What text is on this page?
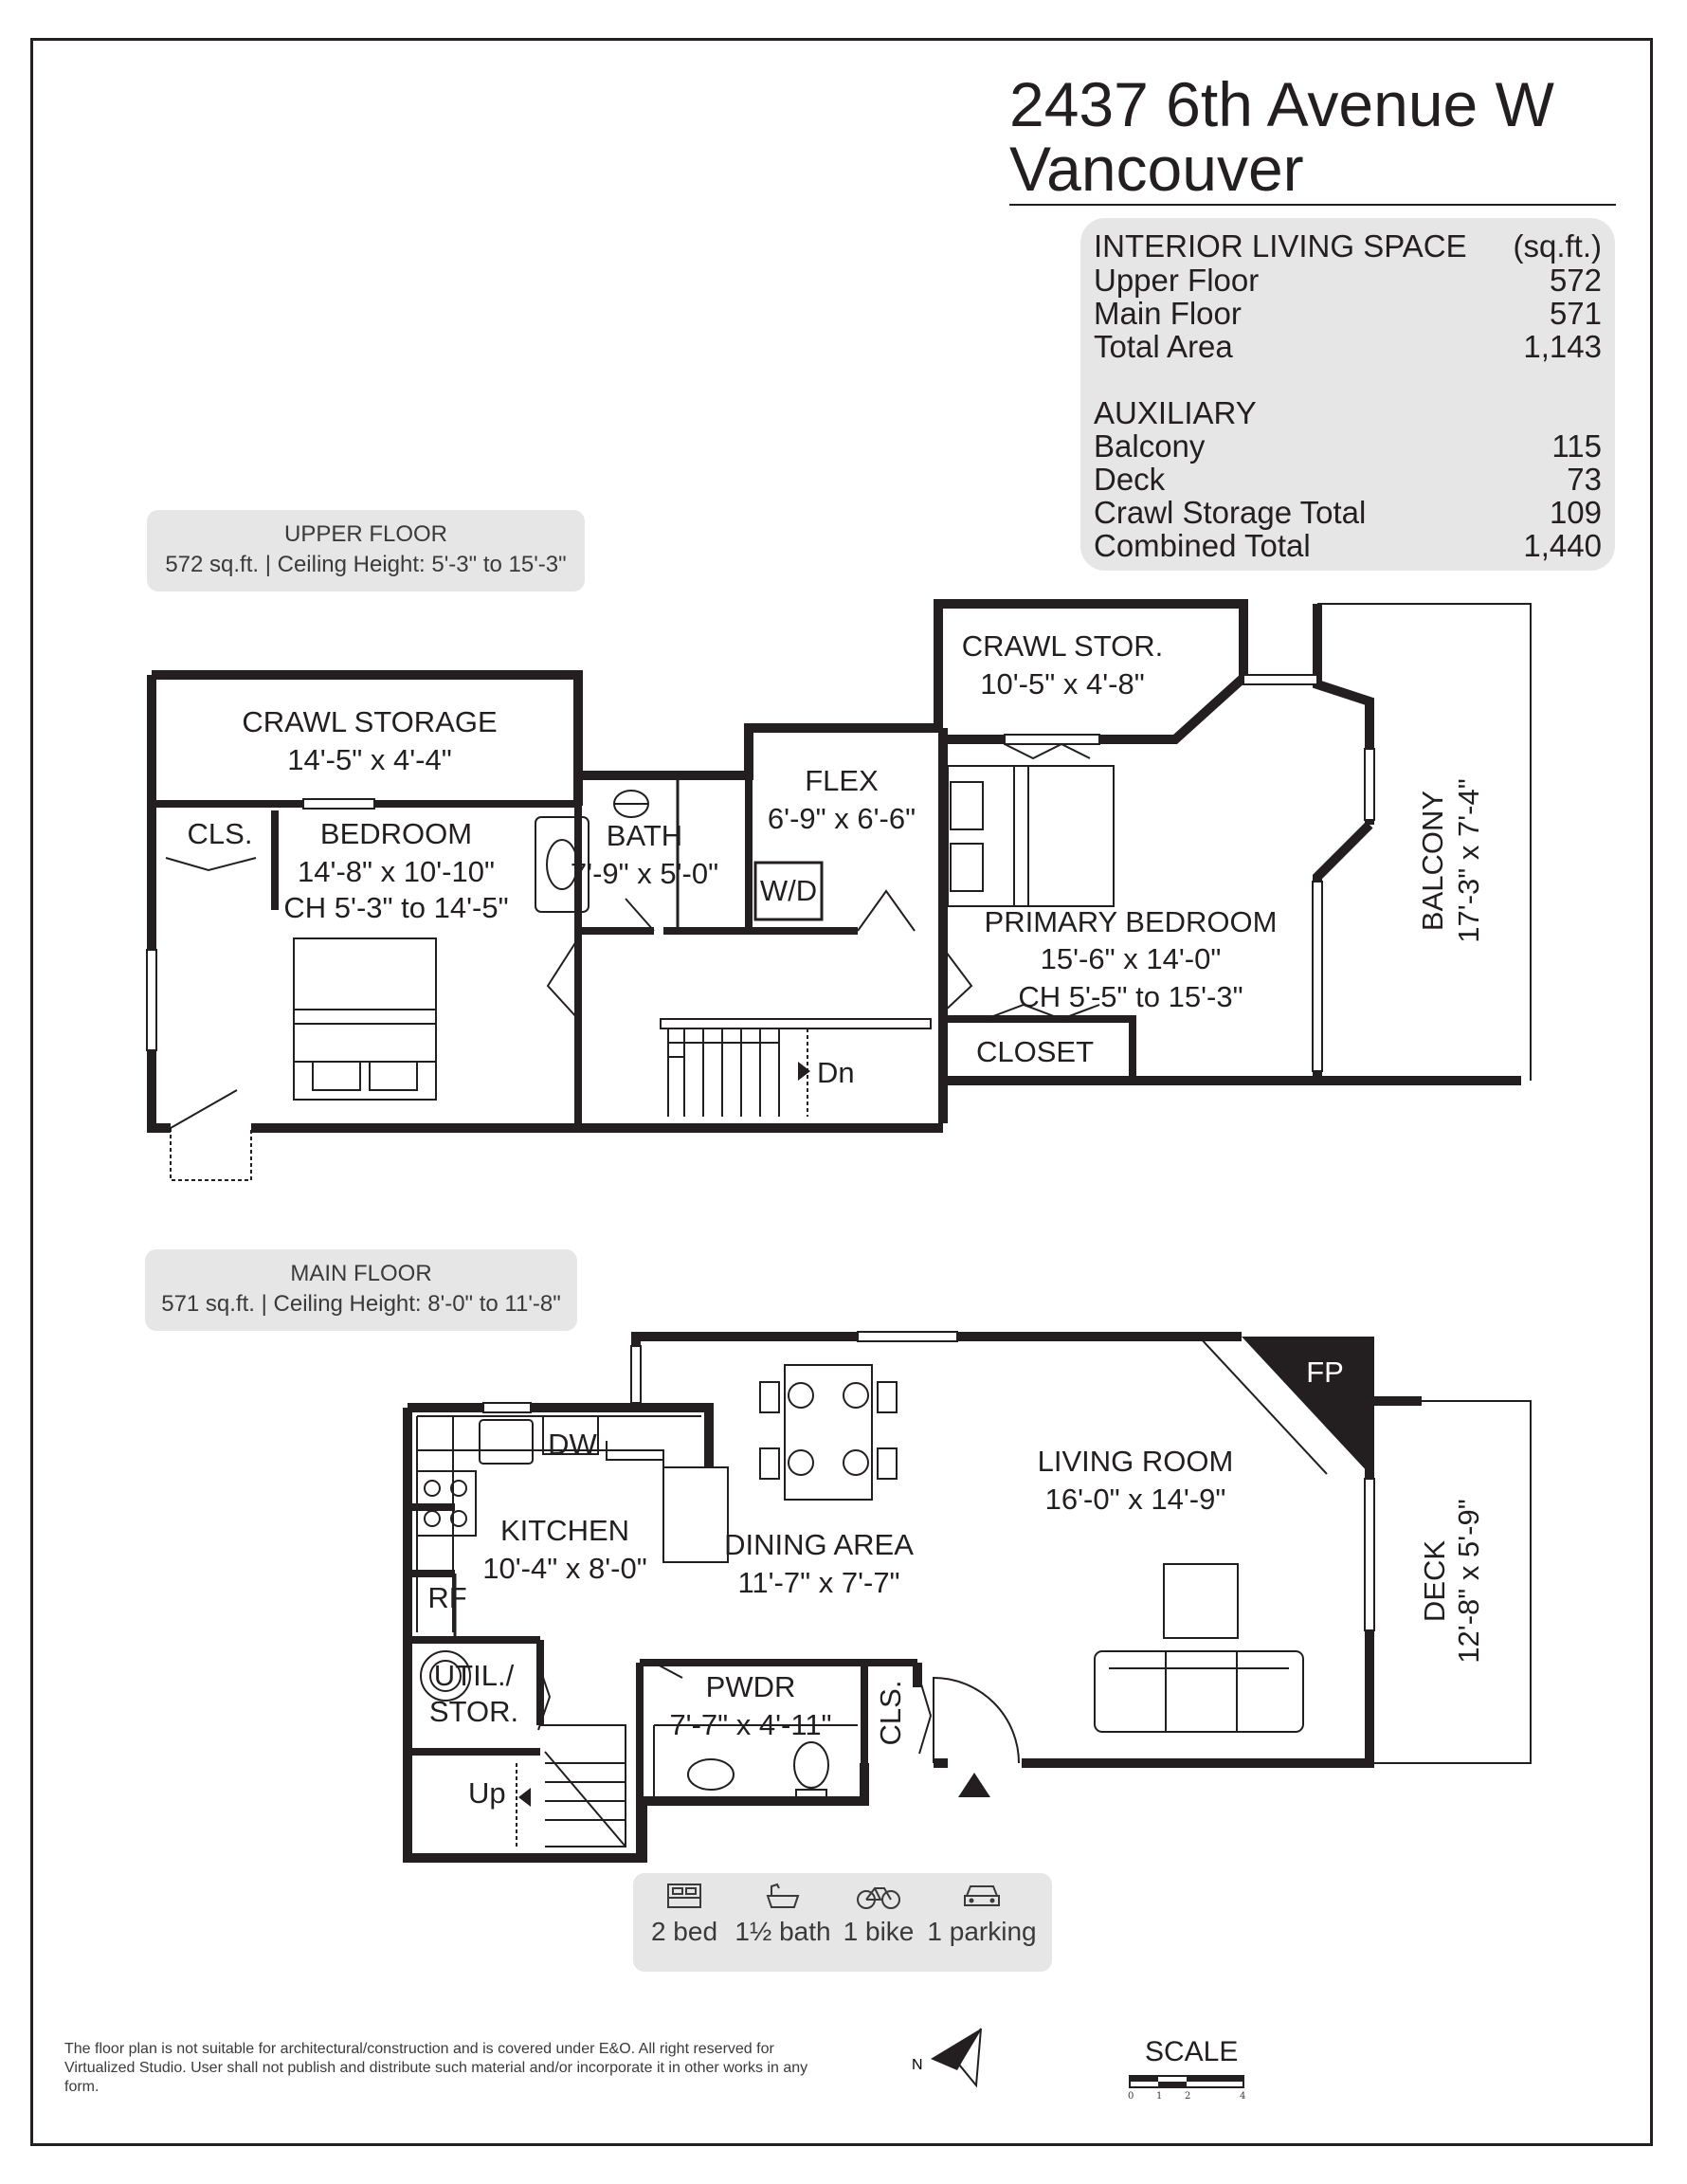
2437 6th Avenue W
Vancouver
INTERIOR LIVING SPACE (sq.ft.)
Upper Floor	572
Main Floor	571
Total Area	1,143
AUXILIARY
Balcony	115
Deck	73
Crawl Storage Total	109
Combined Total	1,440
UPPER FLOOR
572 sq.ft. | Ceiling Height: 5'-3" to 15'-3"
MAIN FLOOR
571 sq.ft. | Ceiling Height: 8'-0" to 11'-8"
CRAWL STORAGE
14'-5" x 4'-4"
CLS. BEDROOM
14'-8" x 10'-10"
CH 5'-3" to 14'-5"
BATH
7'-9" x 5'-0"
FLEX
6'-9" x 6'-6"
W/D
CRAWL STOR.
10'-5" x 4'-8"
PRIMARY BEDROOM
15'-6" x 14'-0"
CH 5'-5" to 15'-3"
CLOSET
Dn
BALCONY 17'-3" x 7'-4"
DW
KITCHEN
10'-4" x 8'-0"
RF
DINING AREA
11'-7" x 7'-7"
LIVING ROOM
16'-0" x 14'-9"
FP
DECK 12'-8" x 5'-9"
UTIL./
STOR.
PWDR
7'-7" x 4'-11" CLS.
Up
N
2 bed 1½ bath 1 bike 1 parking
The floor plan is not suitable for architectural/construction and is covered under E&O. All right reserved for Virtualized Studio. User shall not publish and distribute such material and/or incorporate it in other works in any form.
SCALE
0 1 2	4
